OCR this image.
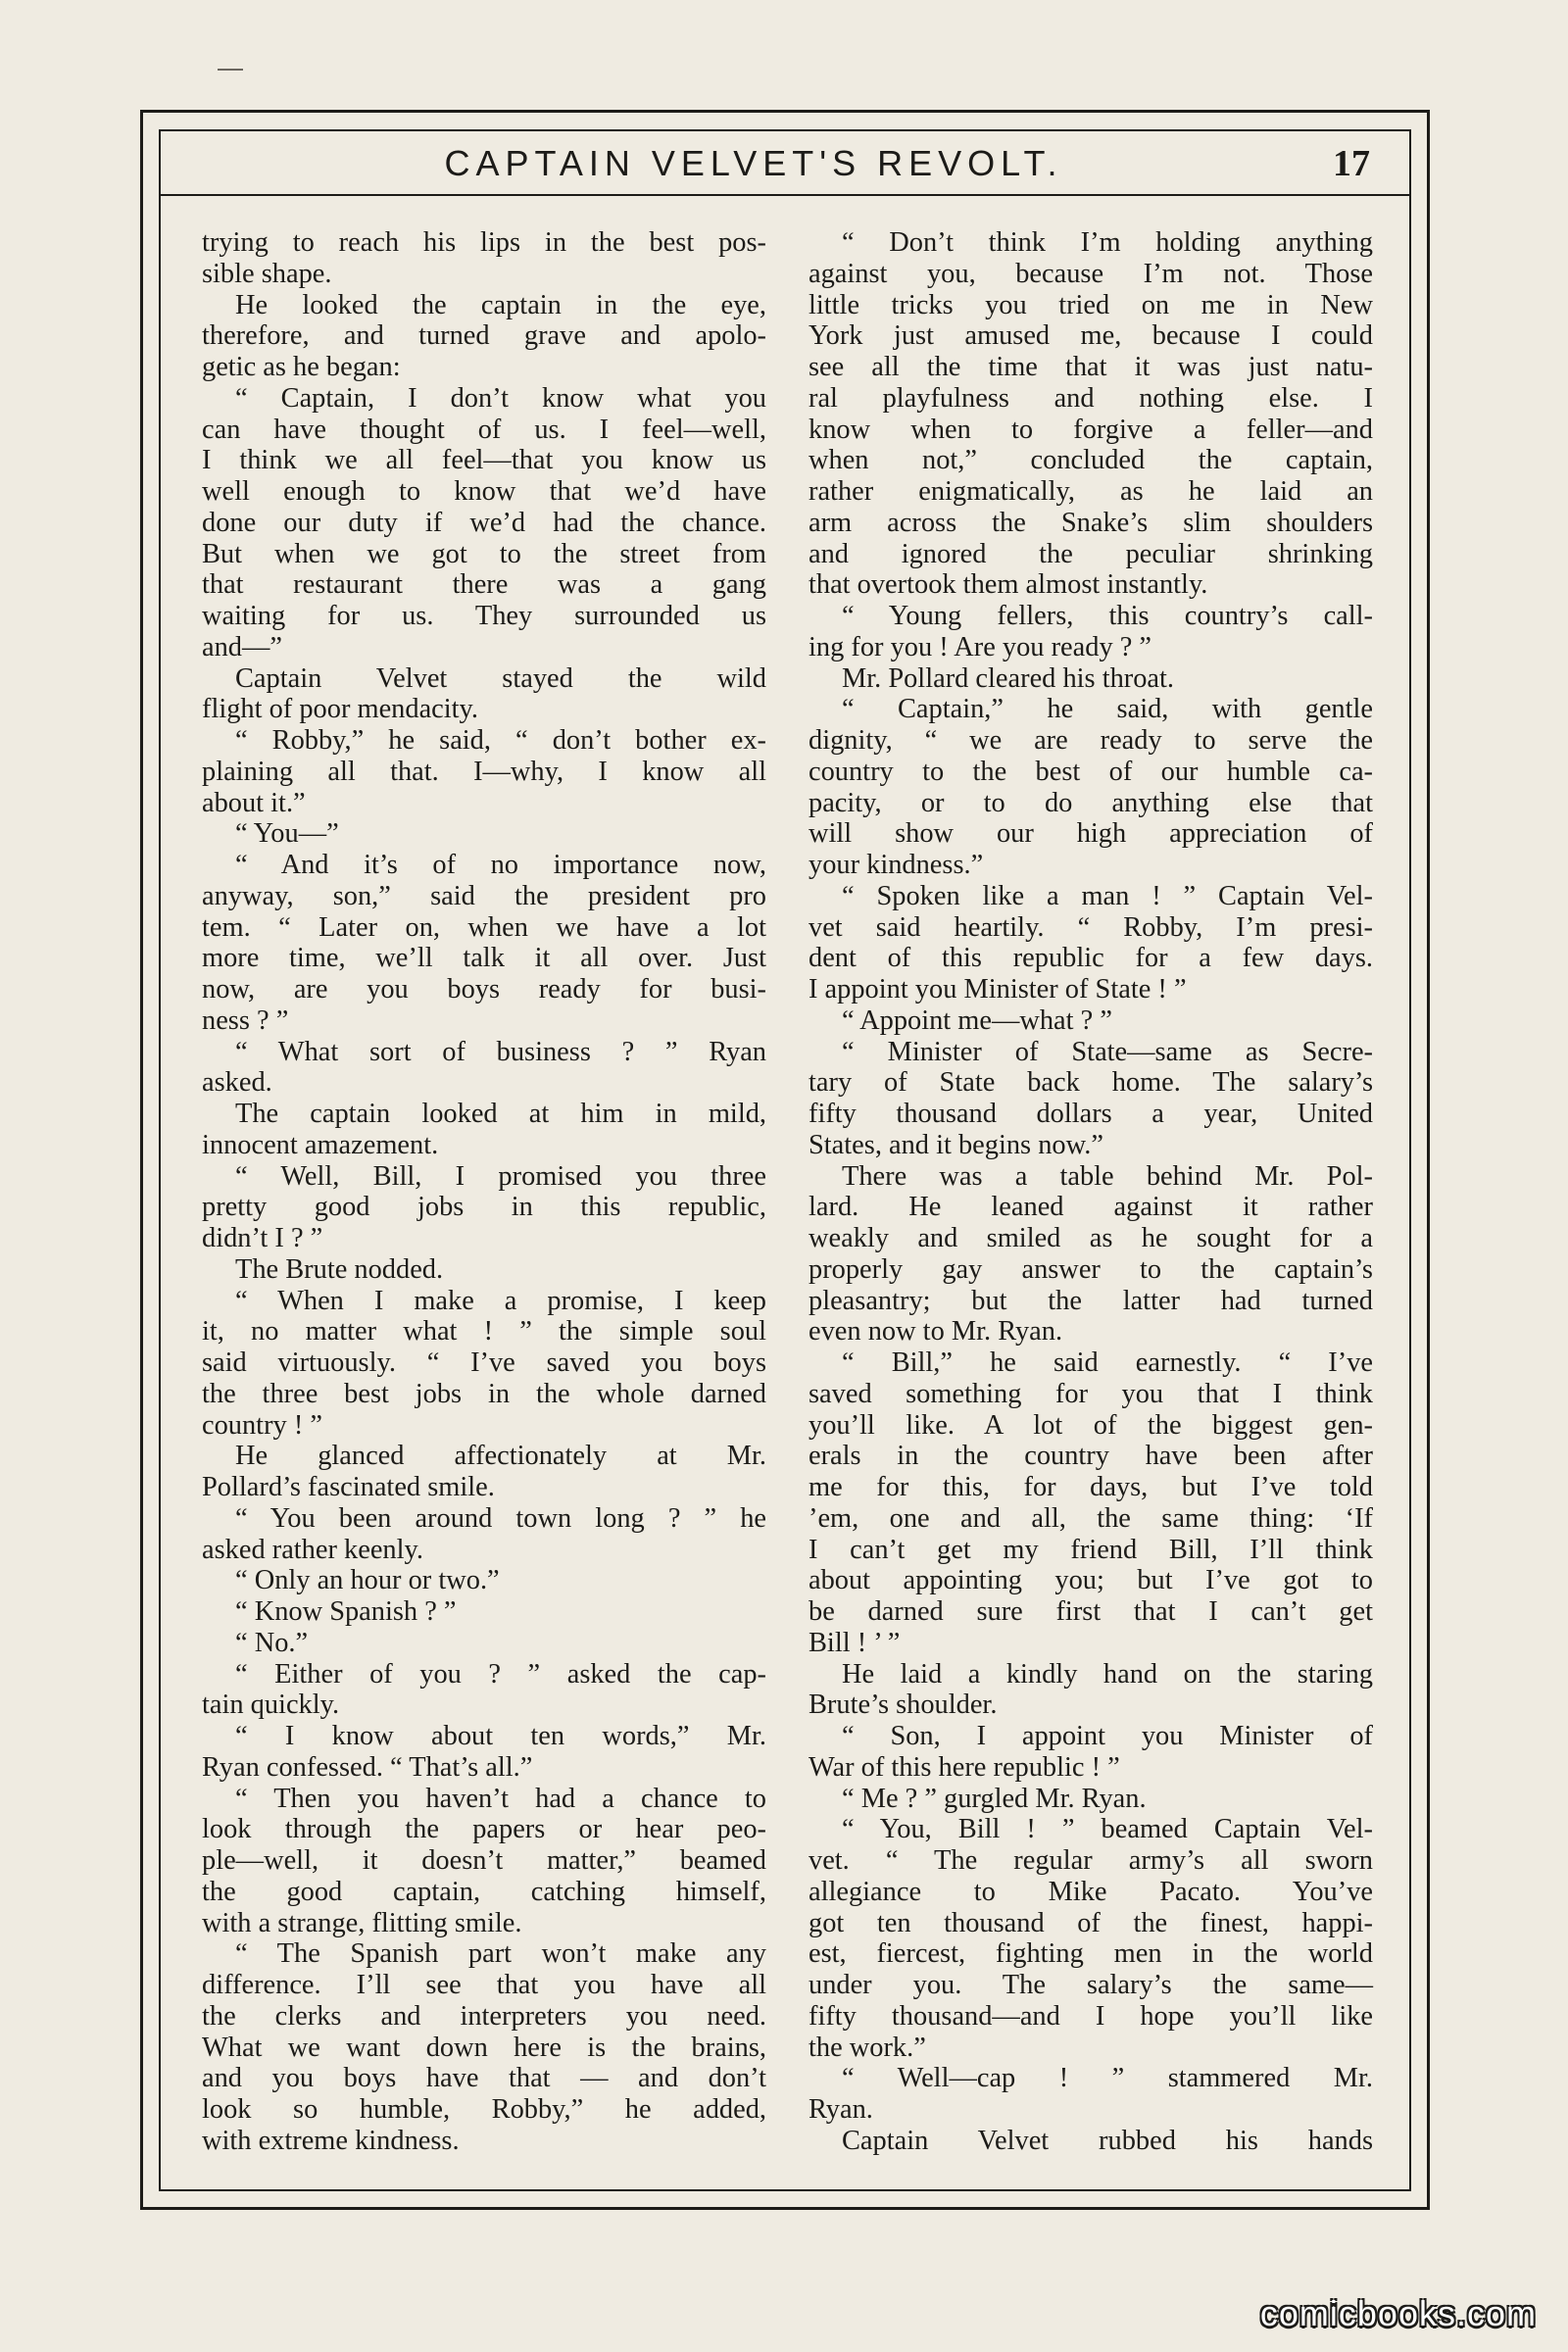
CAPTAIN VELVET'S REVOLT.	17
trying to reach his lips in the best pos-
sible shape.
He looked the captain in the eye,
therefore, and turned grave and apolo-
getic as he began:
“ Captain, I don’t know what you
can have thought of us. I feel—well,
I think we all feel—that you know us
well enough to know that we’d have
done our duty if we’d had the chance.
But when we got to the street from
that restaurant there was a gang
waiting for us. They surrounded us
and—”
Captain Velvet stayed the wild
flight of poor mendacity.
“ Robby,” he said, “ don’t bother ex-
plaining all that. I—why, I know all
about it.”
“ You—”
“ And it’s of no importance now,
anyway, son,” said the president pro
tem. “ Later on, when we have a lot
more time, we’ll talk it all over. Just
now, are you boys ready for busi-
ness ? ”
“ What sort of business ? ” Ryan
asked.
The captain looked at him in mild,
innocent amazement.
“ Well, Bill, I promised you three
pretty good jobs in this republic,
didn’t I ? ”
The Brute nodded.
“ When I make a promise, I keep
it, no matter what ! ” the simple soul
said virtuously. “ I’ve saved you boys
the three best jobs in the whole darned
country ! ”
He glanced affectionately at Mr.
Pollard’s fascinated smile.
“ You been around town long ? ” he
asked rather keenly.
“ Only an hour or two.”
“ Know Spanish ? ”
“ No.”
“ Either of you ? ” asked the cap-
tain quickly.
“ I know about ten words,” Mr.
Ryan confessed. “ That’s all.”
“ Then you haven’t had a chance to
look through the papers or hear peo-
ple—well, it doesn’t matter,” beamed
the good captain, catching himself,
with a strange, flitting smile.
“ The Spanish part won’t make any
difference. I’ll see that you have all
the clerks and interpreters you need.
What we want down here is the brains,
and you boys have that — and don’t
look so humble, Robby,” he added,
with extreme kindness.
“ Don’t think I’m holding anything
against you, because I’m not. Those
little tricks you tried on me in New
York just amused me, because I could
see all the time that it was just natu-
ral playfulness and nothing else. I
know when to forgive a feller—and
when not,” concluded the captain,
rather enigmatically, as he laid an
arm across the Snake’s slim shoulders
and ignored the peculiar shrinking
that overtook them almost instantly.
“ Young fellers, this country’s call-
ing for you ! Are you ready ? ”
Mr. Pollard cleared his throat.
“ Captain,” he said, with gentle
dignity, “ we are ready to serve the
country to the best of our humble ca-
pacity, or to do anything else that
will show our high appreciation of
your kindness.”
“ Spoken like a man ! ” Captain Vel-
vet said heartily. “ Robby, I’m presi-
dent of this republic for a few days.
I appoint you Minister of State ! ”
“ Appoint me—what ? ”
“ Minister of State—same as Secre-
tary of State back home. The salary’s
fifty thousand dollars a year, United
States, and it begins now.”
There was a table behind Mr. Pol-
lard. He leaned against it rather
weakly and smiled as he sought for a
properly gay answer to the captain’s
pleasantry; but the latter had turned
even now to Mr. Ryan.
“ Bill,” he said earnestly. “ I’ve
saved something for you that I think
you’ll like. A lot of the biggest gen-
erals in the country have been after
me for this, for days, but I’ve told
’em, one and all, the same thing: ‘If
I can’t get my friend Bill, I’ll think
about appointing you; but I’ve got to
be darned sure first that I can’t get
Bill ! ’ ”
He laid a kindly hand on the staring
Brute’s shoulder.
“ Son, I appoint you Minister of
War of this here republic ! ”
“ Me ? ” gurgled Mr. Ryan.
“ You, Bill ! ” beamed Captain Vel-
vet. “ The regular army’s all sworn
allegiance to Mike Pacato. You’ve
got ten thousand of the finest, happi-
est, fiercest, fighting men in the world
under you. The salary’s the same—
fifty thousand—and I hope you’ll like
the work.”
“ Well—cap ! ” stammered Mr.
Ryan.
Captain Velvet rubbed his hands
comicbooks.com
